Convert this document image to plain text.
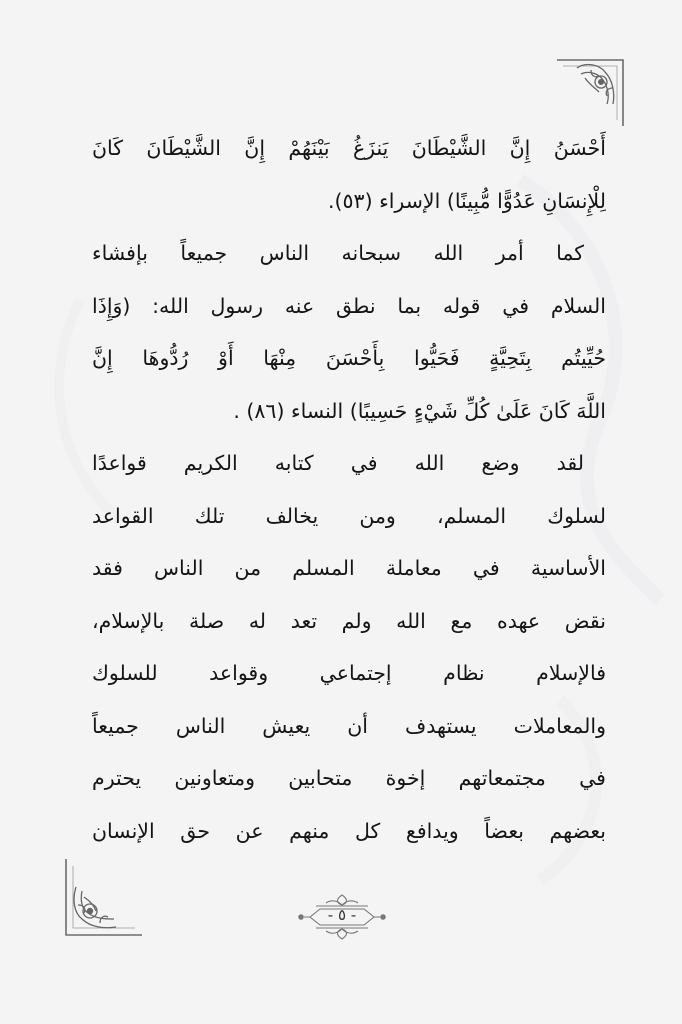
أَحْسَنُ إِنَّ الشَّيْطَانَ يَنزَغُ بَيْنَهُمْ إِنَّ الشَّيْطَانَ كَانَ
لِلْإِنسَانِ عَدُوًّا مُّبِينًا) الإسراء (٥٣).
كما أمر الله سبحانه الناس جميعاً بإفشاء
السلام في قوله بما نطق عنه رسول الله: (وَإِذَا
حُيِّيتُم بِتَحِيَّةٍ فَحَيُّوا بِأَحْسَنَ مِنْهَا أَوْ رُدُّوهَا إِنَّ
اللَّهَ كَانَ عَلَىٰ كُلِّ شَيْءٍ حَسِيبًا) النساء (٨٦) .
لقد وضع الله في كتابه الكريم قواعدًا
لسلوك المسلم، ومن يخالف تلك القواعد
الأساسية في معاملة المسلم من الناس فقد
نقض عهده مع الله ولم تعد له صلة بالإسلام،
فالإسلام نظام إجتماعي وقواعد للسلوك
والمعاملات يستهدف أن يعيش الناس جميعاً
في مجتمعاتهم إخوة متحابين ومتعاونين يحترم
بعضهم بعضاً ويدافع كل منهم عن حق الإنسان
- ٥ -
